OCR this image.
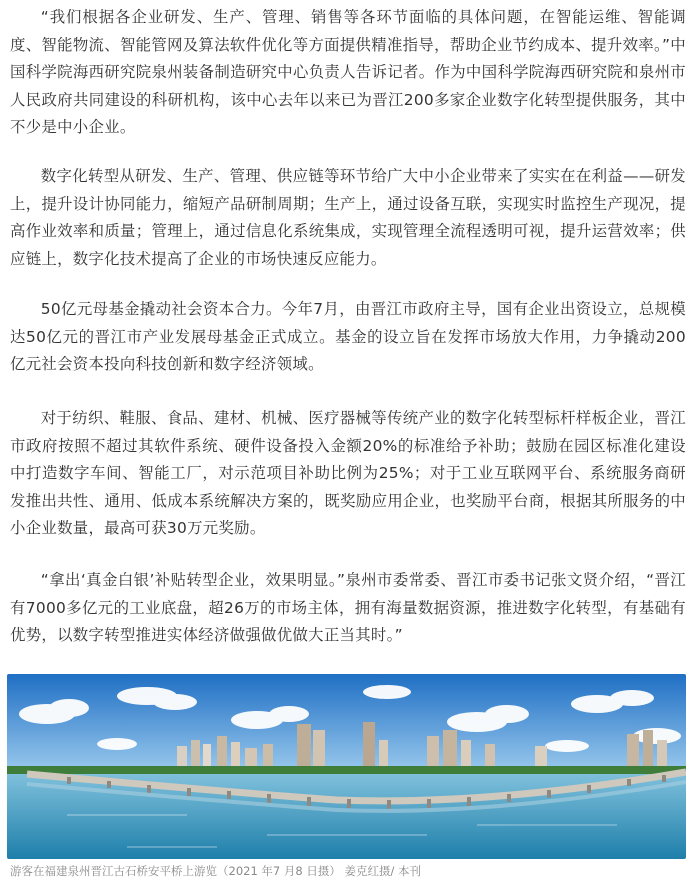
“我们根据各企业研发、生产、管理、销售等各环节面临的具体问题，在智能运维、智能调度、智能物流、智能管网及算法软件优化等方面提供精准指导，帮助企业节约成本、提升效率。”中国科学院海西研究院泉州装备制造研究中心负责人告诉记者。作为中国科学院海西研究院和泉州市人民政府共同建设的科研机构，该中心去年以来已为晋江200多家企业数字化转型提供服务，其中不少是中小企业。

数字化转型从研发、生产、管理、供应链等环节给广大中小企业带来了实实在在利益——研发上，提升设计协同能力，缩短产品研制周期；生产上，通过设备互联，实现实时监控生产现况，提高作业效率和质量；管理上，通过信息化系统集成，实现管理全流程透明可视，提升运营效率；供应链上，数字化技术提高了企业的市场快速反应能力。

50亿元母基金撬动社会资本合力。今年7月，由晋江市政府主导，国有企业出资设立，总规模达50亿元的晋江市产业发展母基金正式成立。基金的设立旨在发挥市场放大作用，力争撬动200亿元社会资本投向科技创新和数字经济领域。

对于纺织、鞋服、食品、建材、机械、医疗器械等传统产业的数字化转型标杆样板企业，晋江市政府按照不超过其软件系统、硬件设备投入金额20%的标准给予补助；鼓励在园区标准化建设中打造数字车间、智能工厂，对示范项目补助比例为25%；对于工业互联网平台、系统服务商研发推出共性、通用、低成本系统解决方案的，既奖励应用企业，也奖励平台商，根据其所服务的中小企业数量，最高可获30万元奖励。

“拿出‘真金白银’补贴转型企业，效果明显。”泉州市委常委、晋江市委书记张文贤介绍，“晋江有7000多亿元的工业底盘，超26万的市场主体，拥有海量数据资源，推进数字化转型，有基础有优势，以数字转型推进实体经济做强做优做大正当其时。”

游客在福建泉州晋江古石桥安平桥上游览（2021 年7 月8 日摄） 姜克红摄/ 本刊
